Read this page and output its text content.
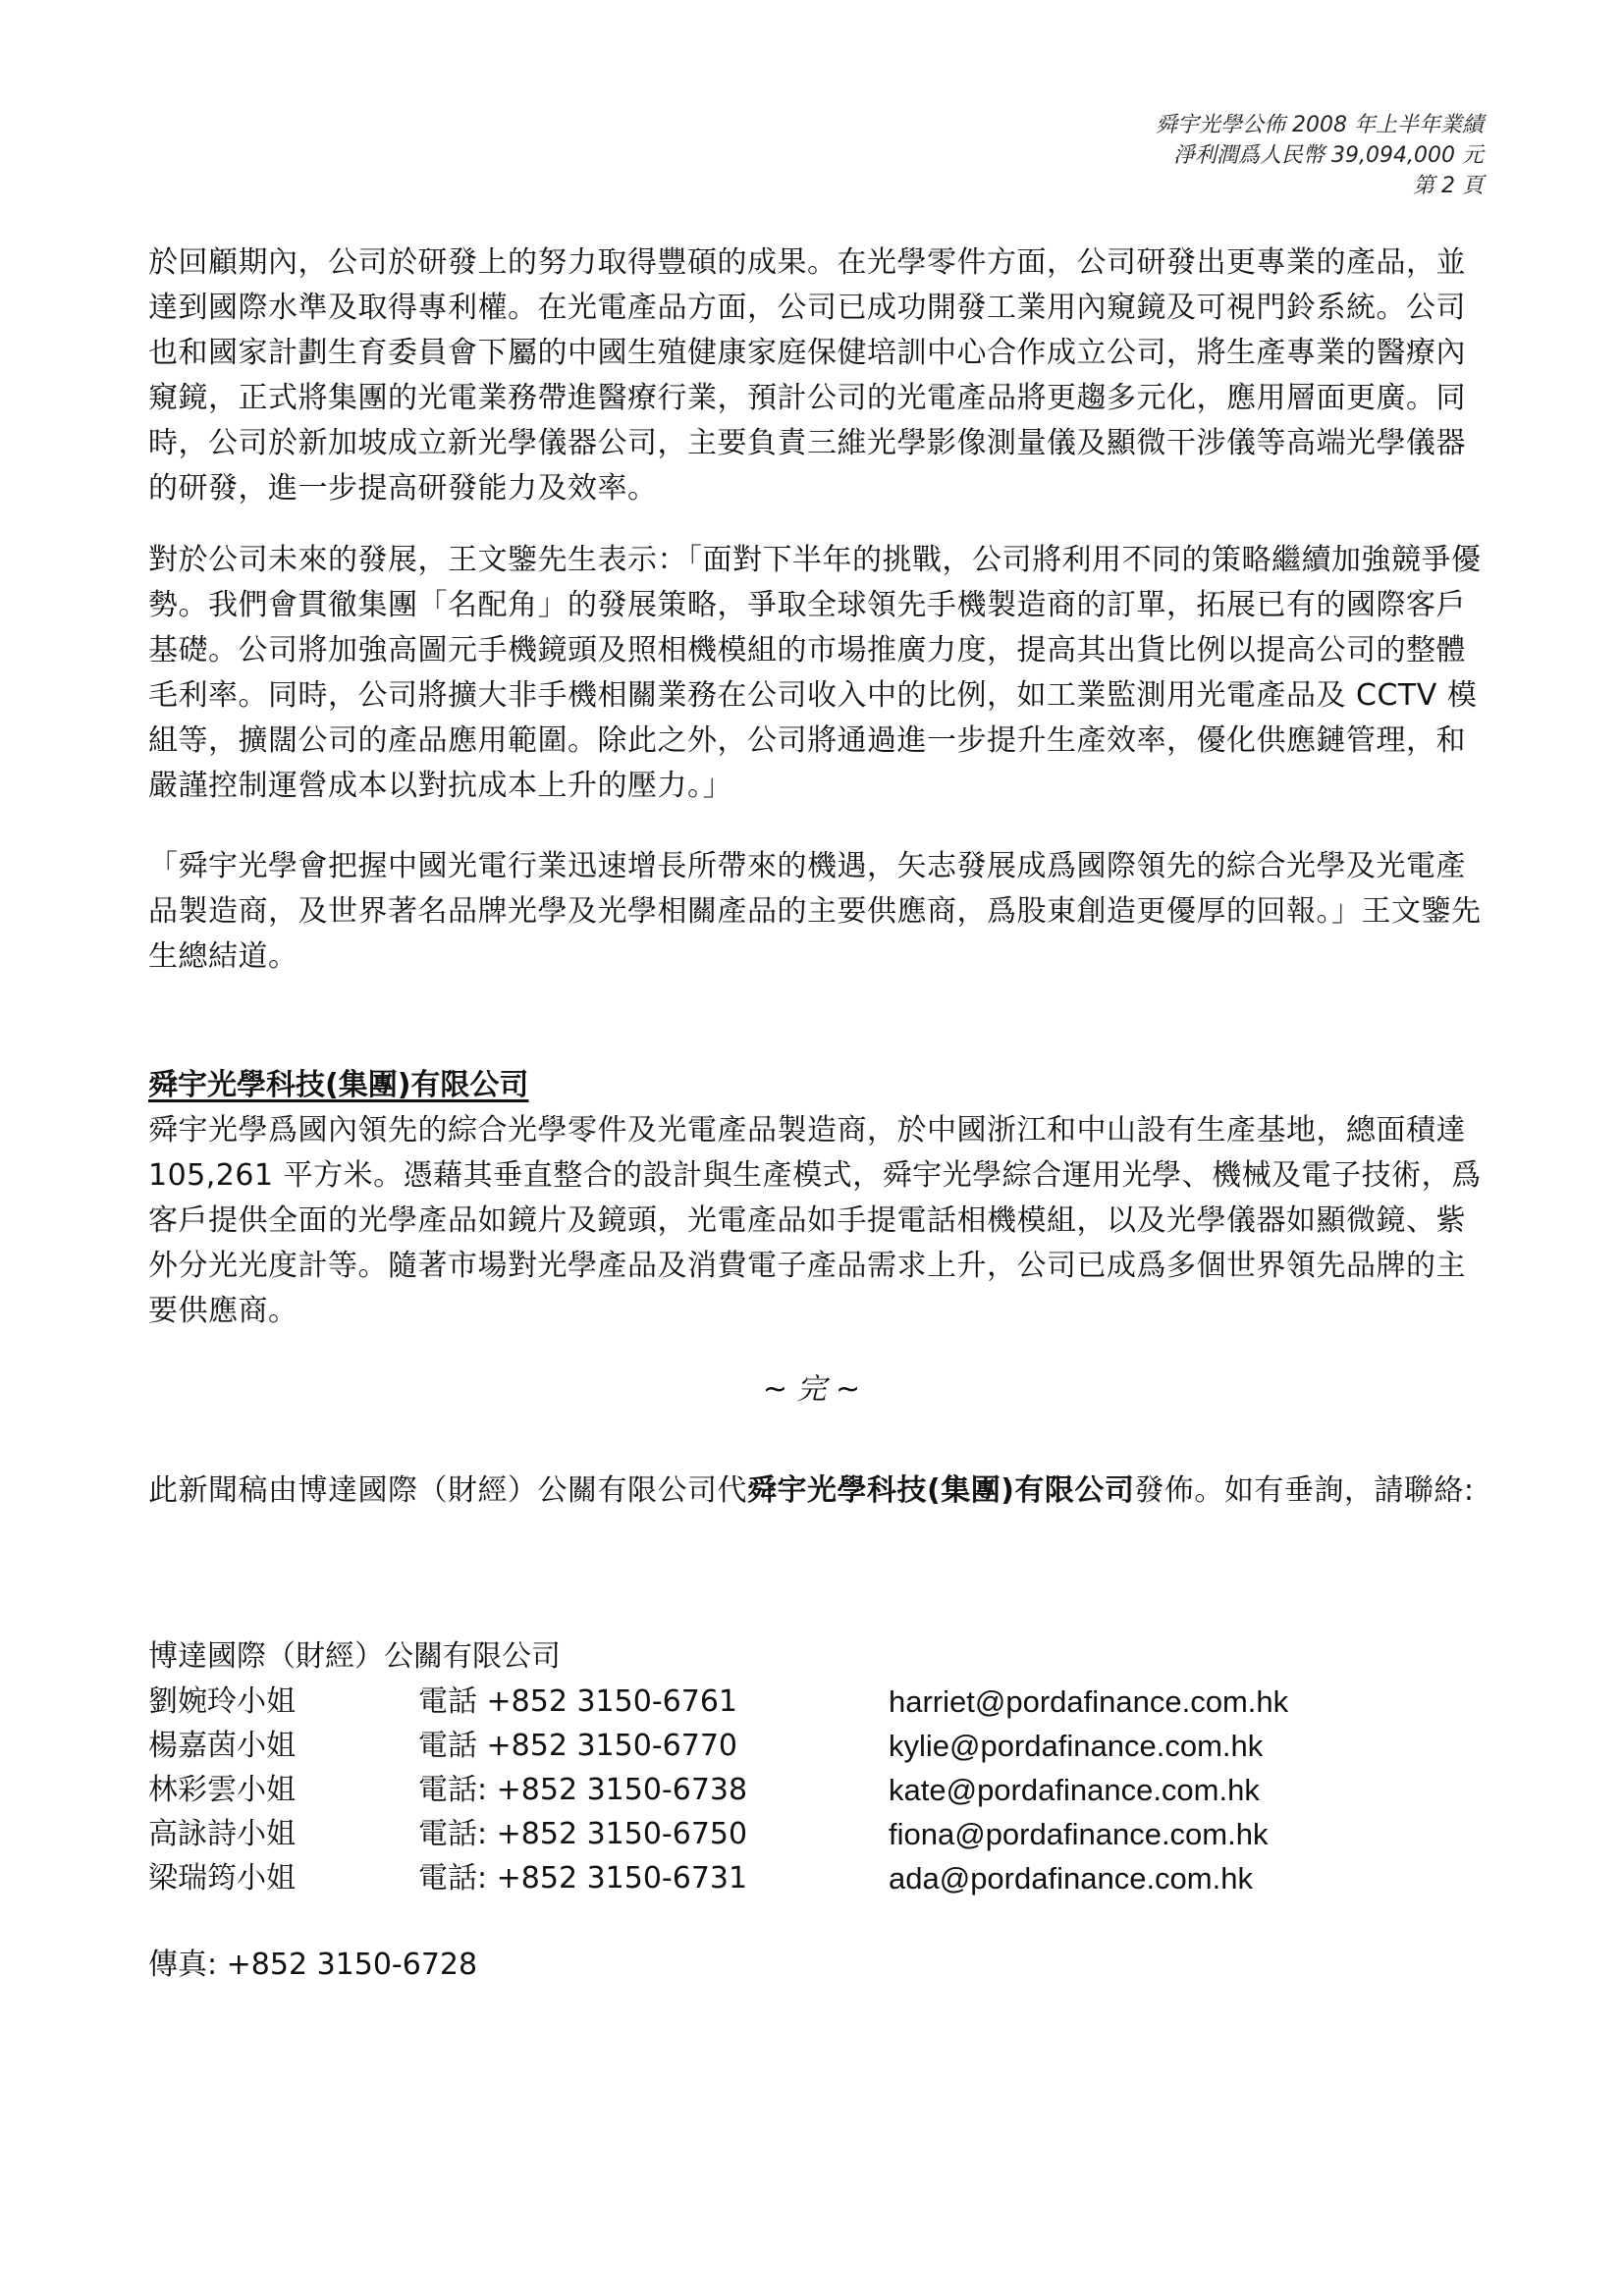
舜宇光學公佈 2008 年上半年業績
淨利潤爲人民幣 39,094,000 元
第 2 頁

於回顧期內，公司於研發上的努力取得豐碩的成果。在光學零件方面，公司研發出更專業的產品，並達到國際水準及取得專利權。在光電產品方面，公司已成功開發工業用內窺鏡及可視門鈴系統。公司也和國家計劃生育委員會下屬的中國生殖健康家庭保健培訓中心合作成立公司，將生產專業的醫療內窺鏡，正式將集團的光電業務帶進醫療行業，預計公司的光電產品將更趨多元化，應用層面更廣。同時，公司於新加坡成立新光學儀器公司，主要負責三維光學影像測量儀及顯微干涉儀等高端光學儀器的研發，進一步提高研發能力及效率。

對於公司未來的發展，王文鑒先生表示：「面對下半年的挑戰，公司將利用不同的策略繼續加強競爭優勢。我們會貫徹集團「名配角」的發展策略，爭取全球領先手機製造商的訂單，拓展已有的國際客戶基礎。公司將加強高圖元手機鏡頭及照相機模組的市場推廣力度，提高其出貨比例以提高公司的整體毛利率。同時，公司將擴大非手機相關業務在公司收入中的比例，如工業監測用光電產品及 CCTV 模組等，擴闊公司的產品應用範圍。除此之外，公司將通過進一步提升生產效率，優化供應鏈管理，和嚴謹控制運營成本以對抗成本上升的壓力。」

「舜宇光學會把握中國光電行業迅速增長所帶來的機遇，矢志發展成爲國際領先的綜合光學及光電產品製造商，及世界著名品牌光學及光學相關產品的主要供應商，爲股東創造更優厚的回報。」王文鑒先生總結道。

舜宇光學科技(集團)有限公司

舜宇光學爲國內領先的綜合光學零件及光電產品製造商，於中國浙江和中山設有生產基地，總面積達 105,261 平方米。憑藉其垂直整合的設計與生產模式，舜宇光學綜合運用光學、機械及電子技術，爲客戶提供全面的光學產品如鏡片及鏡頭，光電產品如手提電話相機模組，以及光學儀器如顯微鏡、紫外分光光度計等。隨著市場對光學產品及消費電子產品需求上升，公司已成爲多個世界領先品牌的主要供應商。

~ 完 ~

此新聞稿由博達國際（財經）公關有限公司代舜宇光學科技(集團)有限公司發佈。如有垂詢，請聯絡:

博達國際（財經）公關有限公司
劉婉玲小姐	電話 +852 3150-6761	harriet@pordafinance.com.hk
楊嘉茵小姐	電話 +852 3150-6770	kylie@pordafinance.com.hk
林彩雲小姐	電話: +852 3150-6738	kate@pordafinance.com.hk
高詠詩小姐	電話: +852 3150-6750	fiona@pordafinance.com.hk
梁瑞筠小姐	電話: +852 3150-6731	ada@pordafinance.com.hk
傳真: +852 3150-6728
